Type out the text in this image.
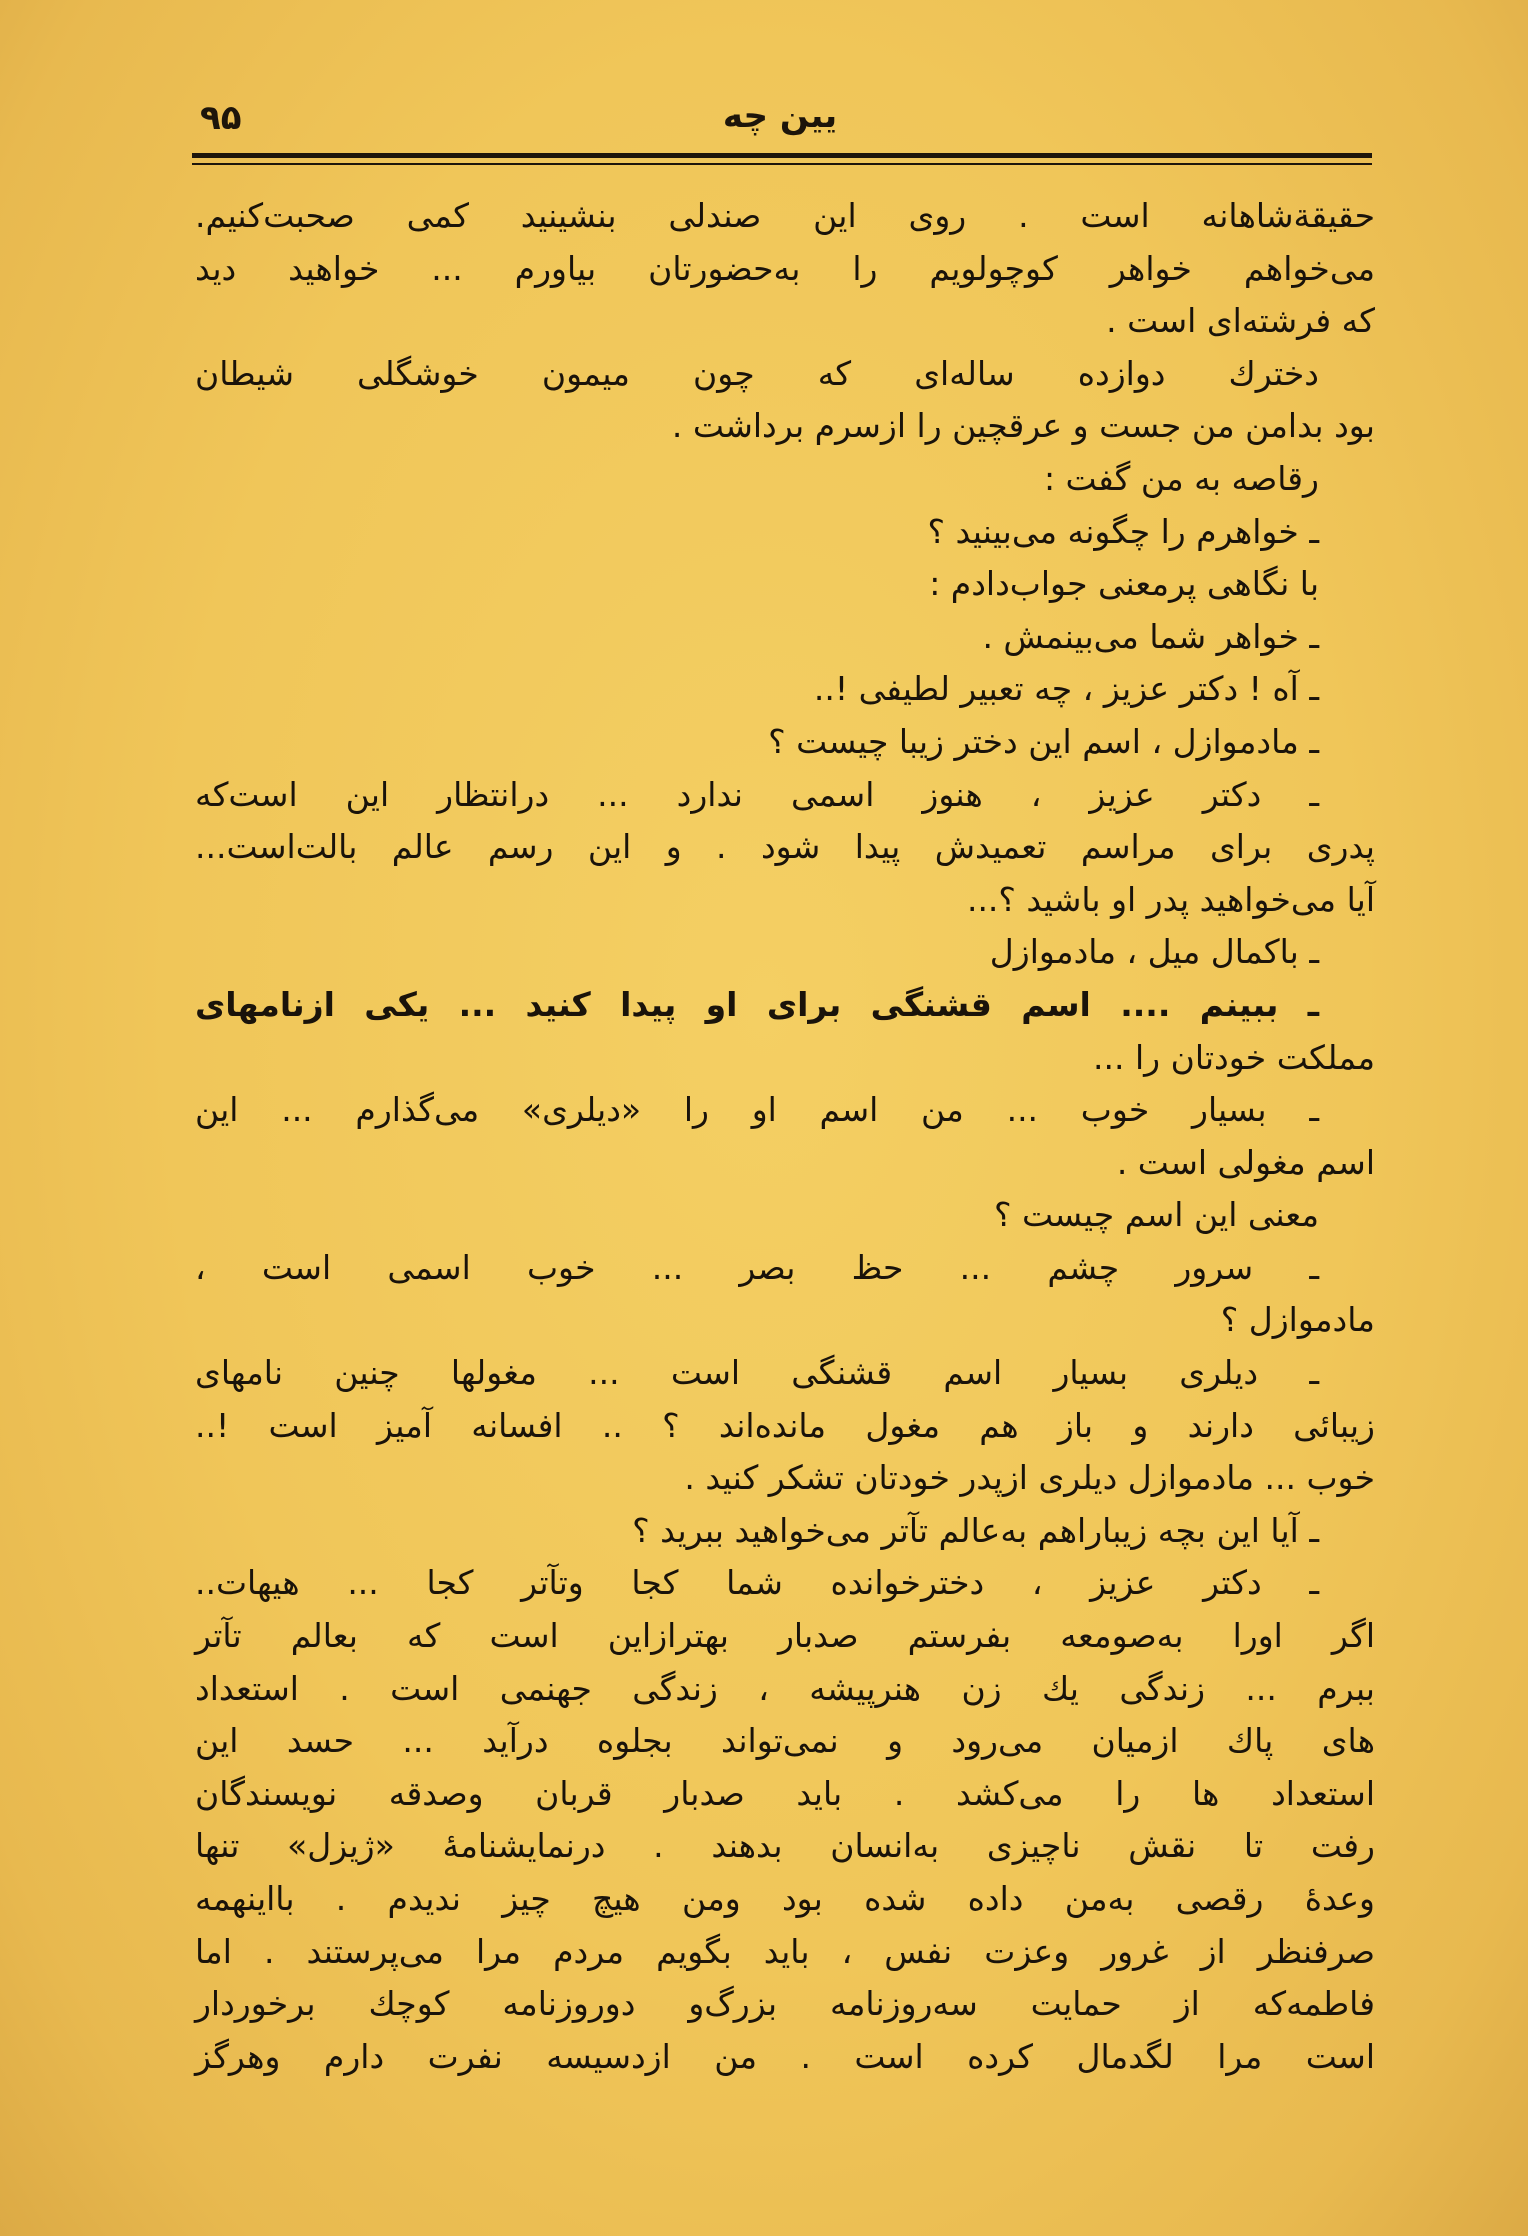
۹۵	یین چه
حقیقةشاهانه است . روی این صندلی بنشینید کمی صحبت‌کنیم.
می‌خواهم خواهر کوچولویم را به‌حضورتان بیاورم ... خواهید دید
که فرشته‌ای است .
دخترك دوازده ساله‌ای که چون میمون خوشگلی شیطان
بود بدامن من جست و عرقچین را ازسرم برداشت .
رقاصه به من گفت :
ـ خواهرم را چگونه می‌بینید ؟
با نگاهی پرمعنی جواب‌دادم :
ـ خواهر شما می‌بینمش .
ـ آه ! دکتر عزیز ، چه تعبیر لطیفی !..
ـ مادموازل ، اسم این دختر زیبا چیست ؟
ـ دکتر عزیز ، هنوز اسمی ندارد ... درانتظار این است‌که
پدری برای مراسم تعمیدش پیدا شود . و این رسم عالم بالت‌است...
آیا می‌خواهید پدر او باشید ؟...
ـ باکمال میل ، مادموازل
ـ ببینم .... اسم قشنگی برای او پیدا کنید ... یکی ازنامهای
مملکت خودتان را ...
ـ بسیار خوب ... من اسم او را «دیلری» می‌گذارم ... این
اسم مغولی است .
معنی این اسم چیست ؟
ـ سرور چشم ... حظ بصر ... خوب اسمی است ،
مادموازل ؟
ـ دیلری بسیار اسم قشنگی است ... مغولها چنین نامهای
زیبائی دارند و باز هم مغول مانده‌اند ؟ .. افسانه آمیز است !..
خوب ... مادموازل دیلری ازپدر خودتان تشکر کنید .
ـ آیا این بچه زیباراهم به‌عالم تآتر می‌خواهید ببرید ؟
ـ دکتر عزیز ، دخترخوانده شما کجا وتآتر کجا ... هیهات..
اگر اورا به‌صومعه بفرستم صدبار بهترازاین است که بعالم تآتر
ببرم ... زندگی یك زن هنرپیشه ، زندگی جهنمی است . استعداد
های پاك ازمیان می‌رود و نمی‌تواند بجلوه درآید ... حسد این
استعداد ها را می‌کشد . باید صدبار قربان وصدقه نویسندگان
رفت تا نقش ناچیزی به‌انسان بدهند . درنمایشنامهٔ «ژیزل» تنها
وعدهٔ رقصی به‌من داده شده بود ومن هیچ چیز ندیدم . بااینهمه
صرفنظر از غرور وعزت نفس ، باید بگویم مردم مرا می‌پرستند . اما
فاطمه‌که از حمایت سه‌روزنامه بزرگ‌و دوروزنامه کوچك برخوردار
است مرا لگدمال کرده است . من ازدسیسه نفرت دارم وهرگز
